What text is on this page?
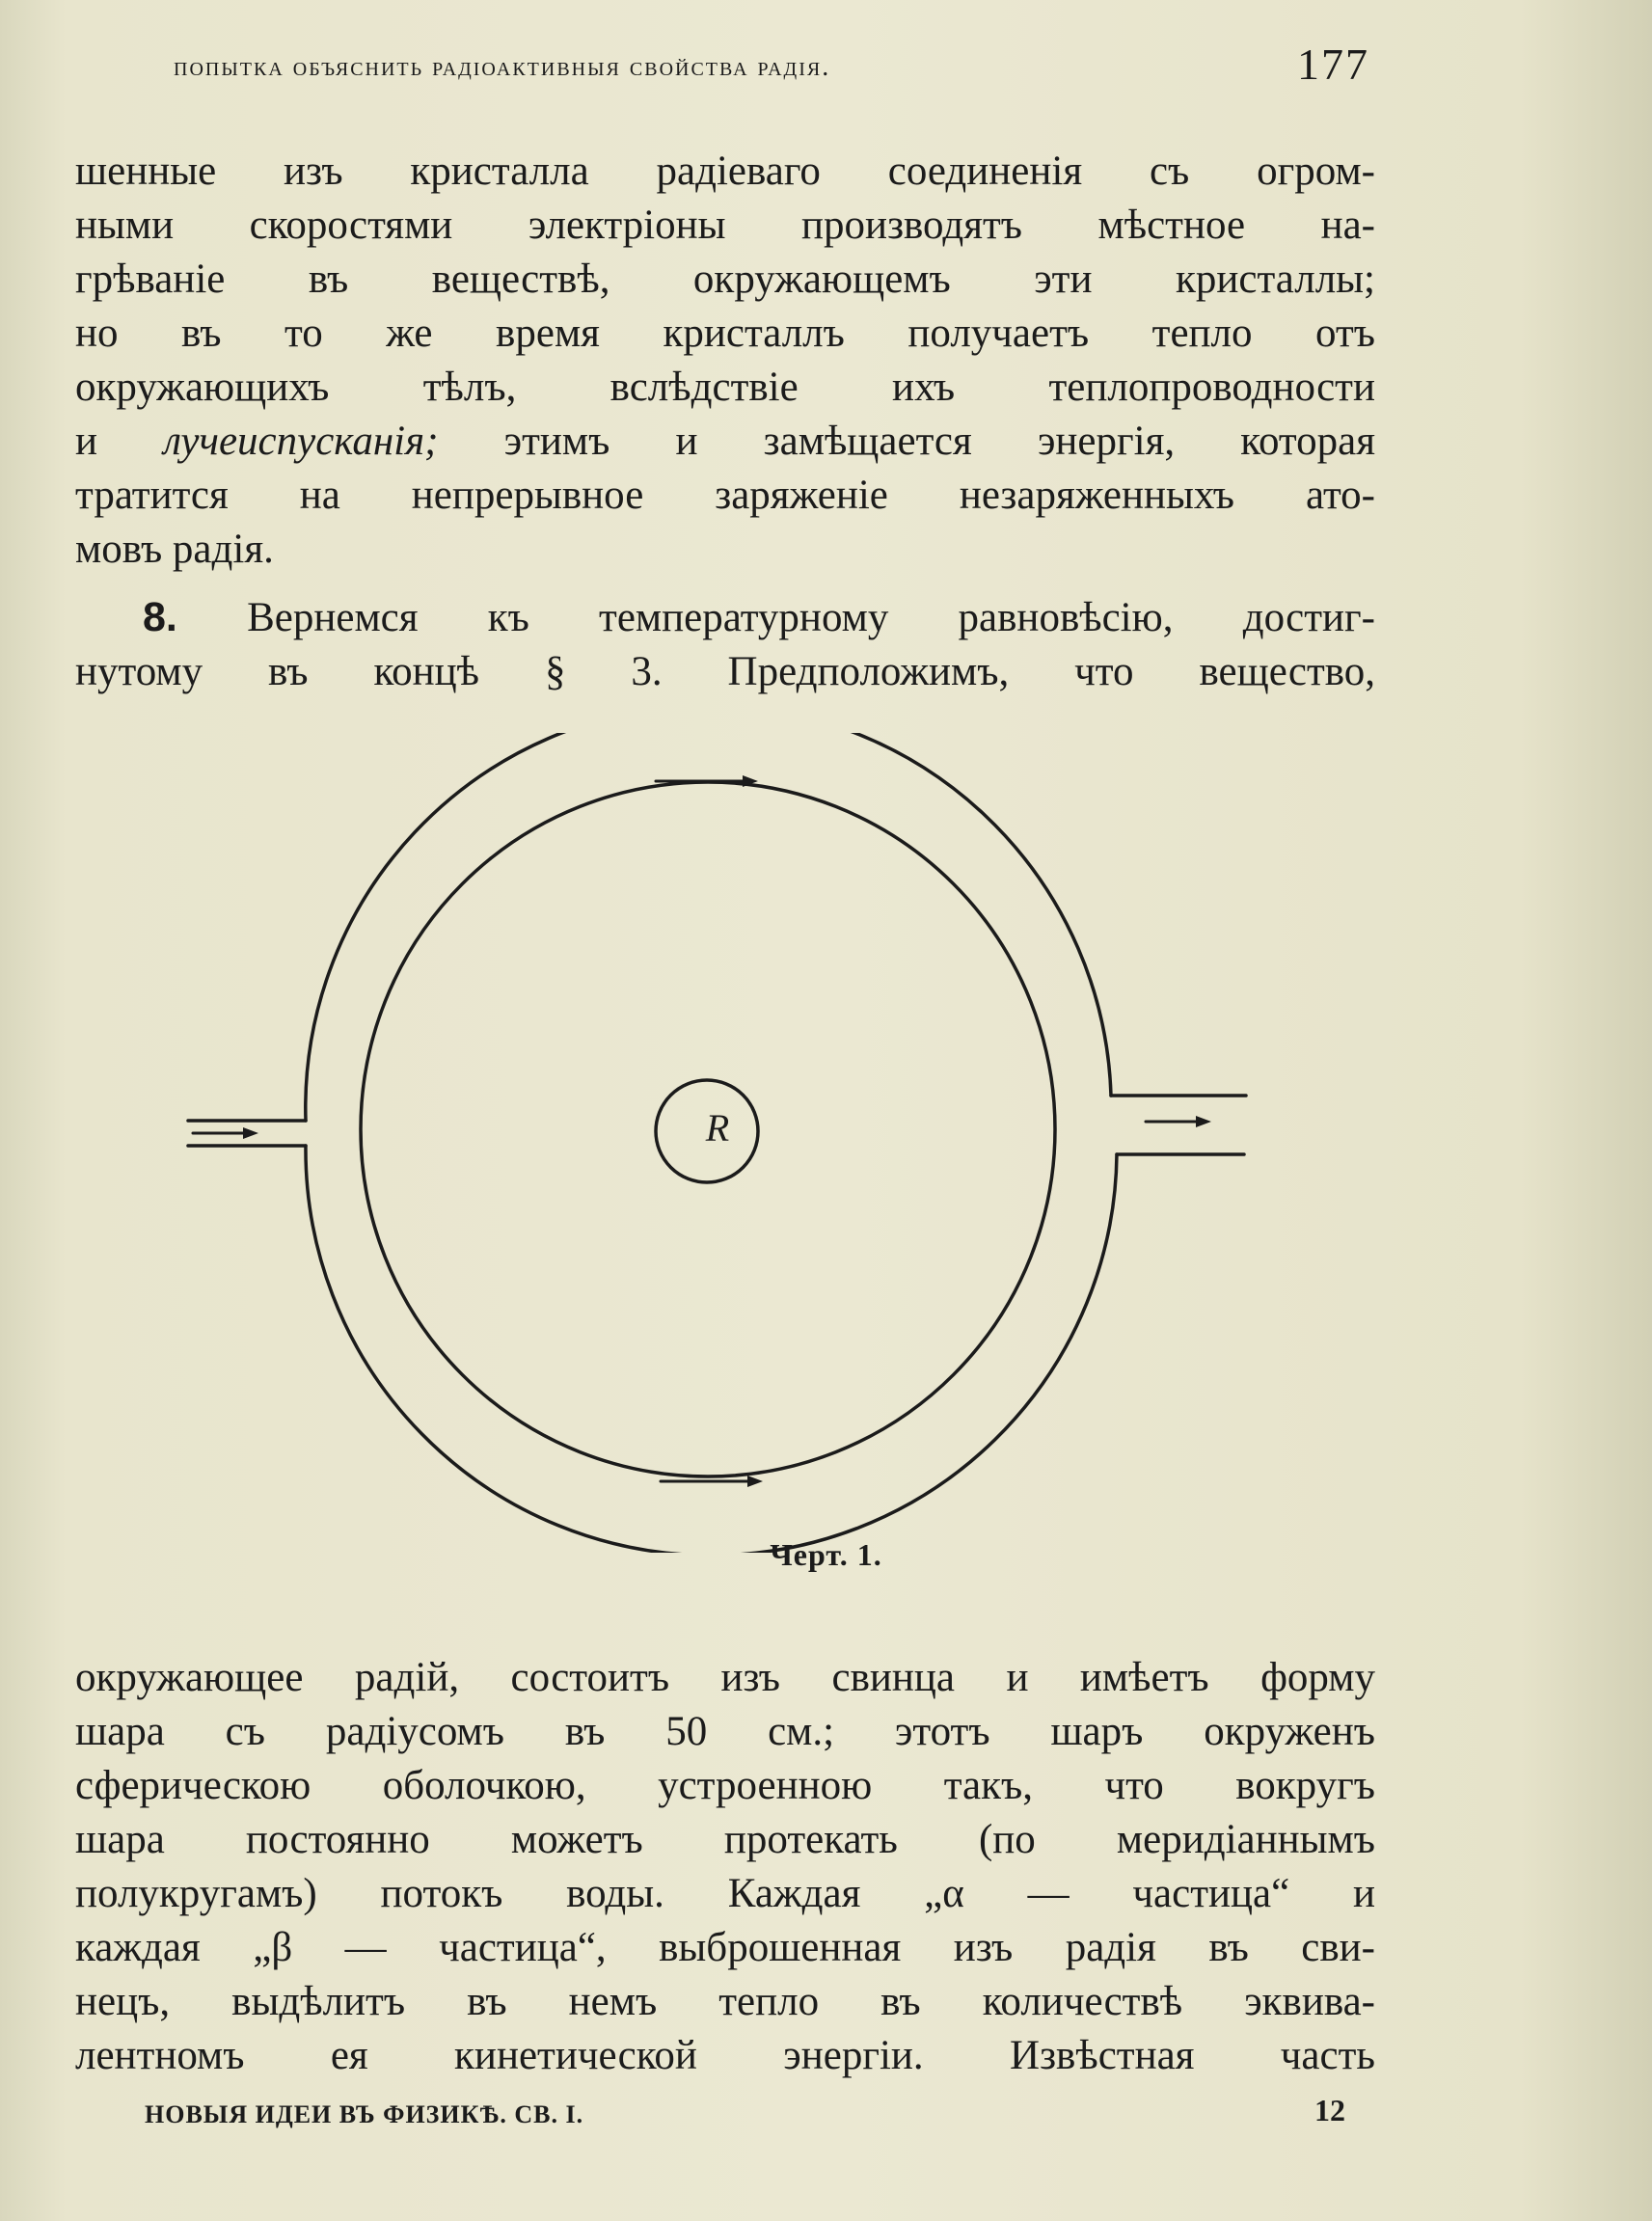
попытка объяснить радіоактивныя свойства радія.	177
шенные изъ кристалла радіеваго соединенія съ огром-
ными скоростями электріоны производятъ мѣстное на-
грѣваніе въ веществѣ, окружающемъ эти кристаллы;
но въ то же время кристаллъ получаетъ тепло отъ
окружающихъ тѣлъ, вслѣдствіе ихъ теплопроводности
и лучеиспусканія; этимъ и замѣщается энергія, которая
тратится на непрерывное заряженіе незаряженныхъ ато-
мовъ радія.
8. Вернемся къ температурному равновѣсію, достиг-
нутому въ концѣ § 3. Предположимъ, что вещество,
R
Черт. 1.
окружающее радій, состоитъ изъ свинца и имѣетъ форму
шара съ радіусомъ въ 50 см.; этотъ шаръ окруженъ
сферическою оболочкою, устроенною такъ, что вокругъ
шара постоянно можетъ протекать (по меридіаннымъ
полукругамъ) потокъ воды. Каждая „α — частица“ и
каждая „β — частица“, выброшенная изъ радія въ сви-
нецъ, выдѣлитъ въ немъ тепло въ количествѣ эквива-
лентномъ ея кинетической энергіи. Извѣстная часть
НОВЫЯ ИДЕИ ВЪ ФИЗИКѢ. СВ. I.	12
